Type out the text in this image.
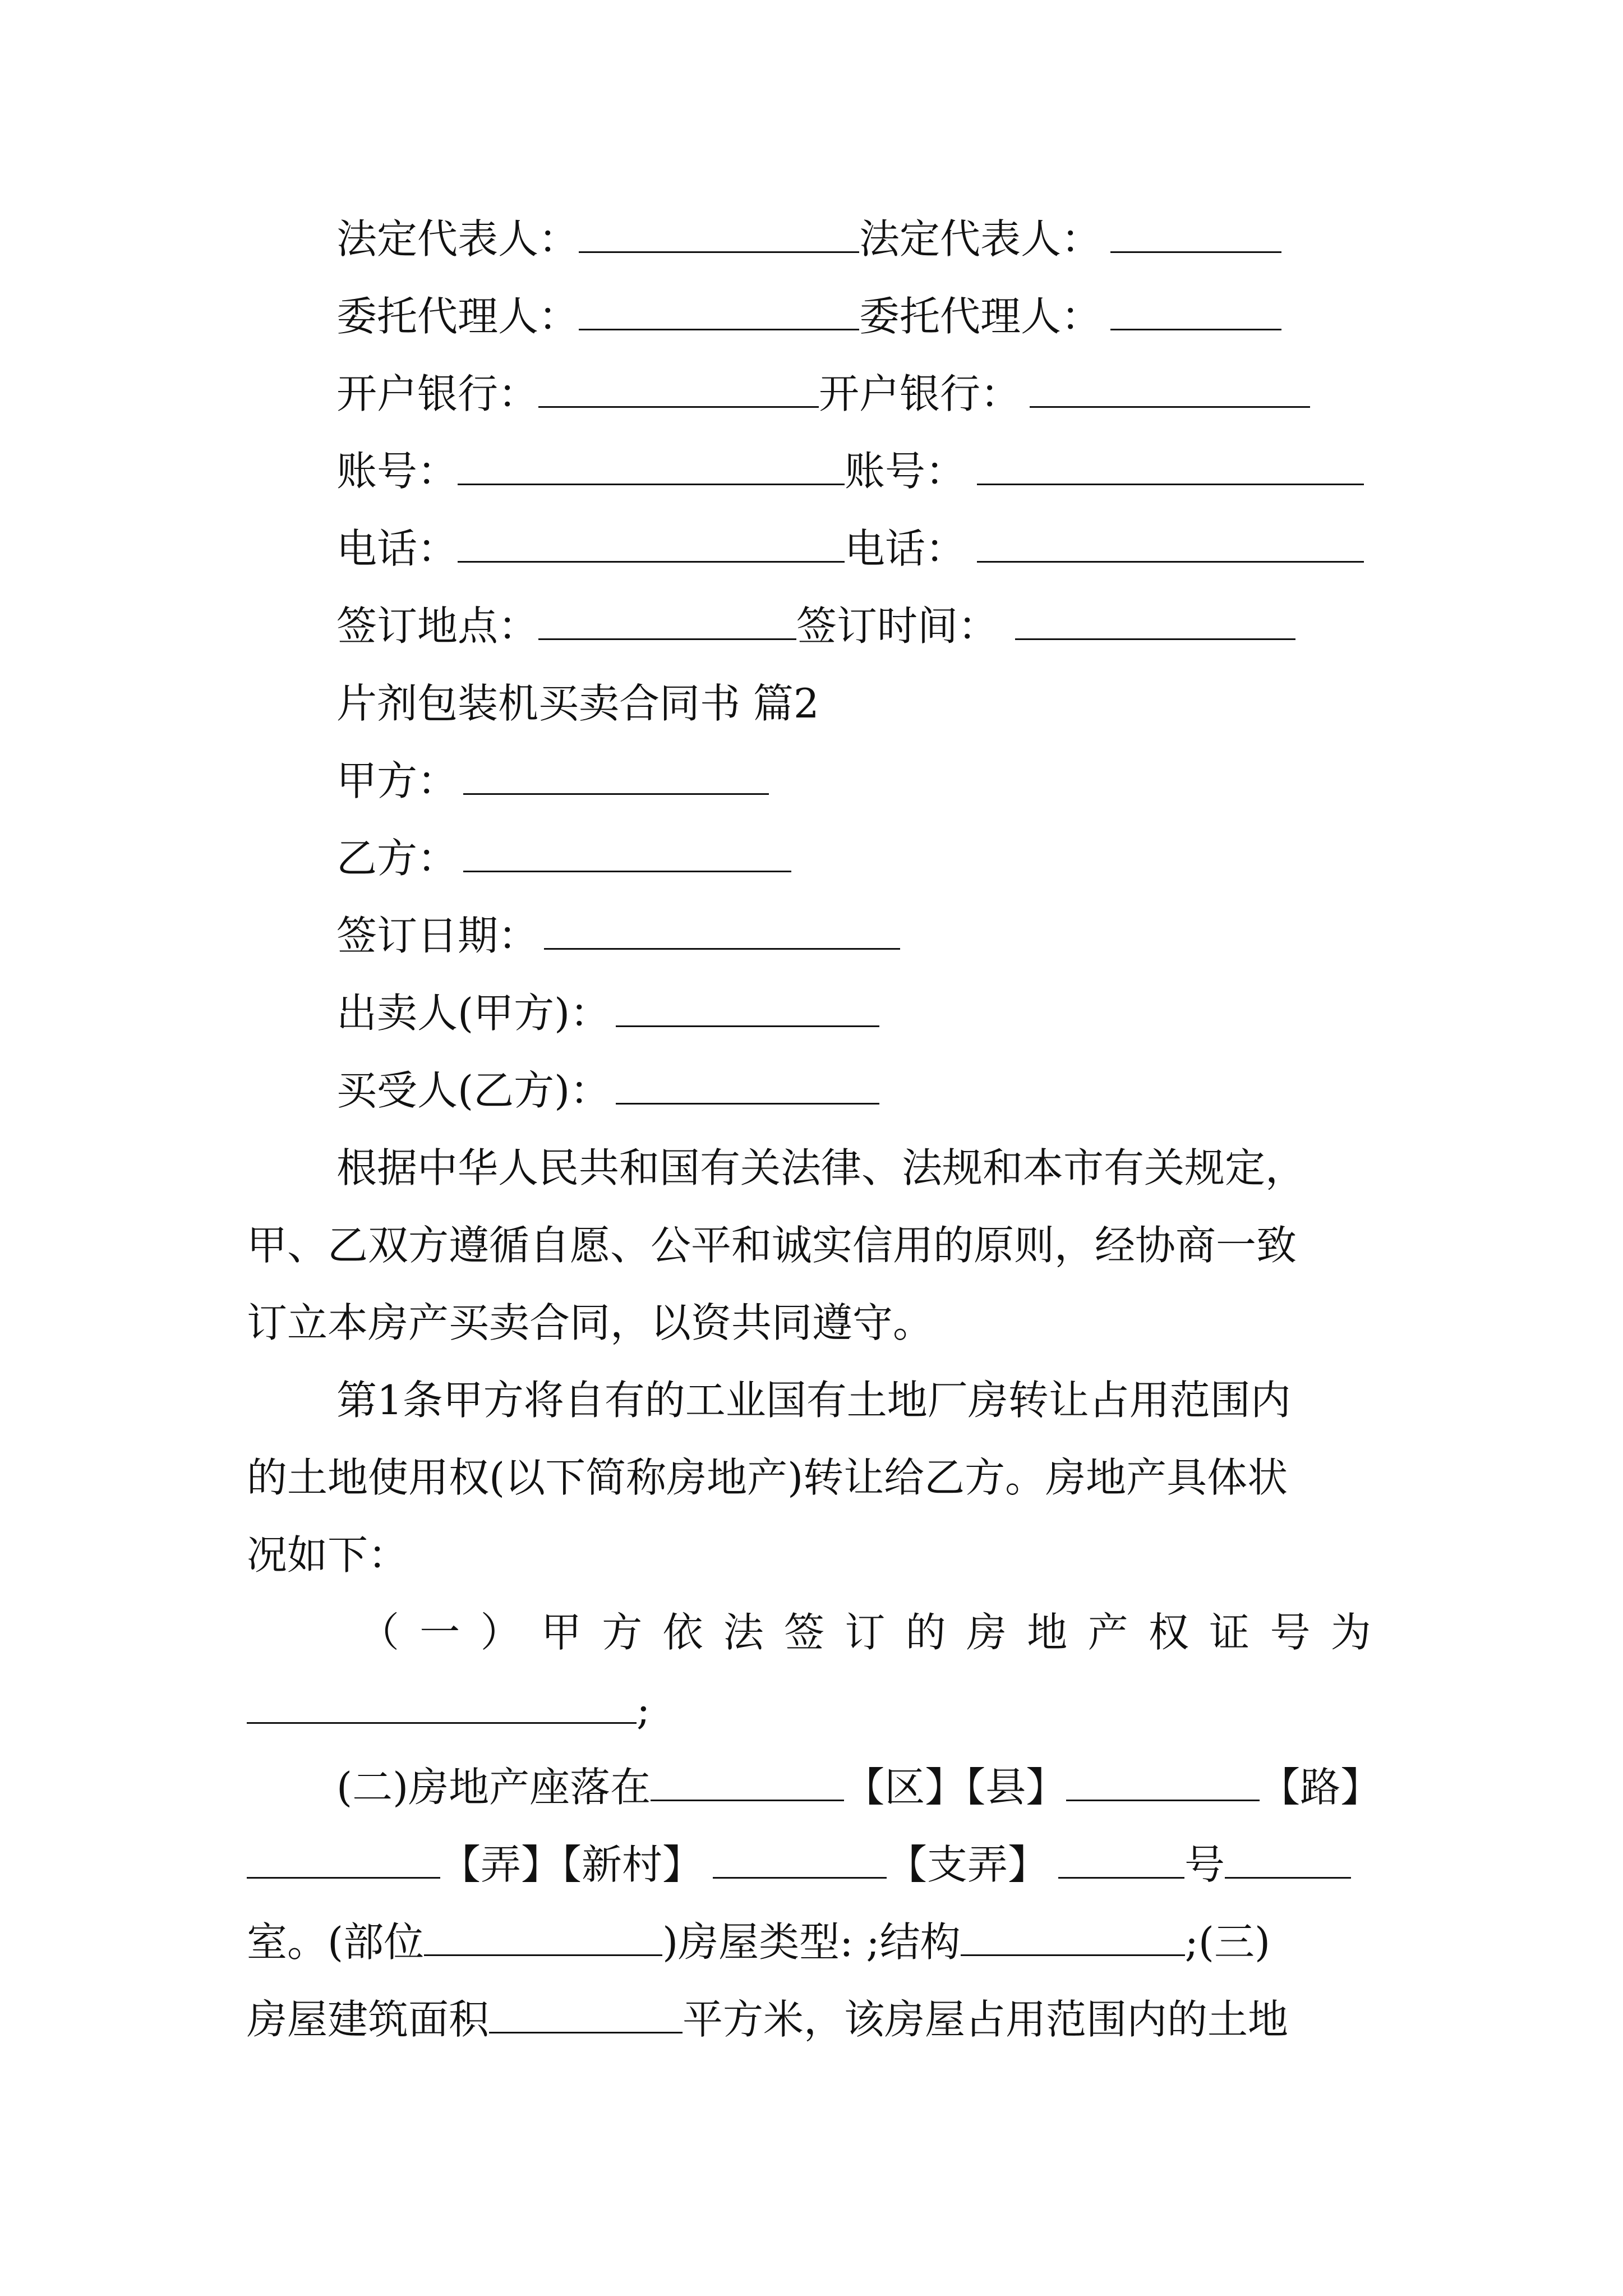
法定代表人：	法定代表人：
委托代理人：	委托代理人：
开户银行：	开户银行：
账号：	账号：
电话：	电话：
签订地点：	签订时间：
片剂包装机买卖合同书 篇2
甲方：
乙方：
签订日期：
出卖人(甲方)：
买受人(乙方)：
根据中华人民共和国有关法律、法规和本市有关规定，
甲、乙双方遵循自愿、公平和诚实信用的原则，经协商一致
订立本房产买卖合同，以资共同遵守。
第1条甲方将自有的工业国有土地厂房转让占用范围内
的土地使用权(以下简称房地产)转让给乙方。房地产具体状
况如下：
（ 一 ） 甲 方 依 法 签 订 的 房 地 产 权 证 号 为
;
(二)房地产座落在	【区】【县】	【路】
【弄】【新村】	【支弄】	号
室。(部位	)房屋类型: ;结构	;(三)
房屋建筑面积	平方米，该房屋占用范围内的土地
